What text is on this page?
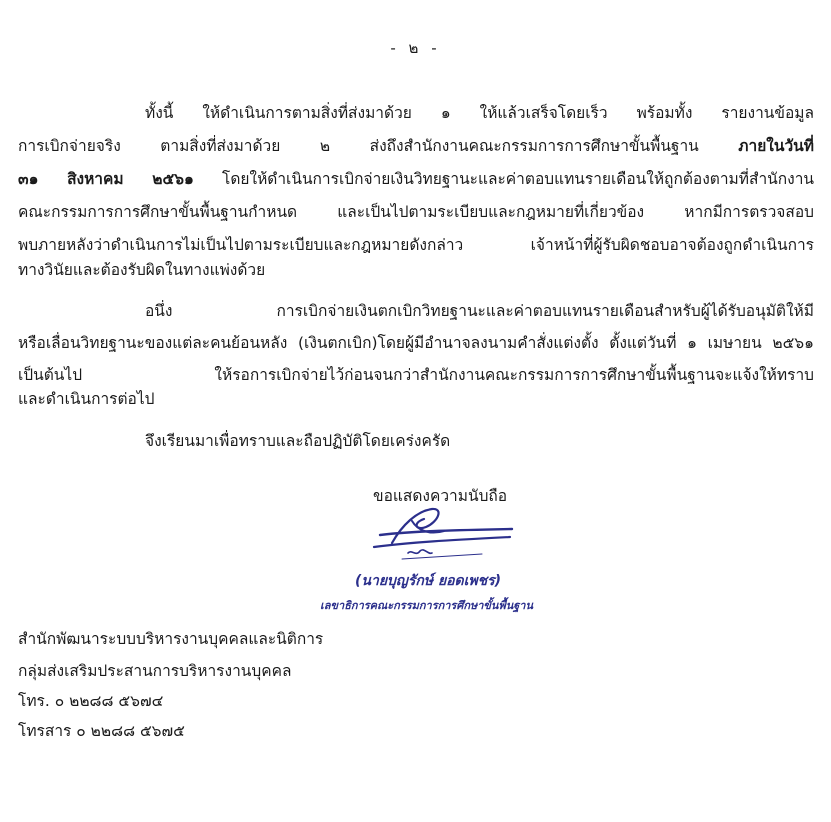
- ๒ -
ทั้งนี้ ให้ดำเนินการตามสิ่งที่ส่งมาด้วย ๑ ให้แล้วเสร็จโดยเร็ว พร้อมทั้ง รายงานข้อมูล
การเบิกจ่ายจริง ตามสิ่งที่ส่งมาด้วย ๒ ส่งถึงสำนักงานคณะกรรมการการศึกษาขั้นพื้นฐาน	ภายในวันที่
๓๑ สิงหาคม ๒๕๖๑ โดยให้ดำเนินการเบิกจ่ายเงินวิทยฐานะและค่าตอบแทนรายเดือนให้ถูกต้องตามที่สำนักงาน
คณะกรรมการการศึกษาขั้นพื้นฐานกำหนด และเป็นไปตามระเบียบและกฎหมายที่เกี่ยวข้อง หากมีการตรวจสอบ
พบภายหลังว่าดำเนินการไม่เป็นไปตามระเบียบและกฎหมายดังกล่าว เจ้าหน้าที่ผู้รับผิดชอบอาจต้องถูกดำเนินการ
ทางวินัยและต้องรับผิดในทางแพ่งด้วย
อนึ่ง การเบิกจ่ายเงินตกเบิกวิทยฐานะและค่าตอบแทนรายเดือนสำหรับผู้ได้รับอนุมัติให้มี
หรือเลื่อนวิทยฐานะของแต่ละคนย้อนหลัง (เงินตกเบิก)โดยผู้มีอำนาจลงนามคำสั่งแต่งตั้ง ตั้งแต่วันที่ ๑ เมษายน ๒๕๖๑
เป็นต้นไป ให้รอการเบิกจ่ายไว้ก่อนจนกว่าสำนักงานคณะกรรมการการศึกษาขั้นพื้นฐานจะแจ้งให้ทราบ
และดำเนินการต่อไป
จึงเรียนมาเพื่อทราบและถือปฏิบัติโดยเคร่งครัด
ขอแสดงความนับถือ
(นายบุญรักษ์ ยอดเพชร)
เลขาธิการคณะกรรมการการศึกษาขั้นพื้นฐาน
สำนักพัฒนาระบบบริหารงานบุคคลและนิติการ
กลุ่มส่งเสริมประสานการบริหารงานบุคคล
โทร. ๐ ๒๒๘๘ ๕๖๗๔
โทรสาร ๐ ๒๒๘๘ ๕๖๗๕
